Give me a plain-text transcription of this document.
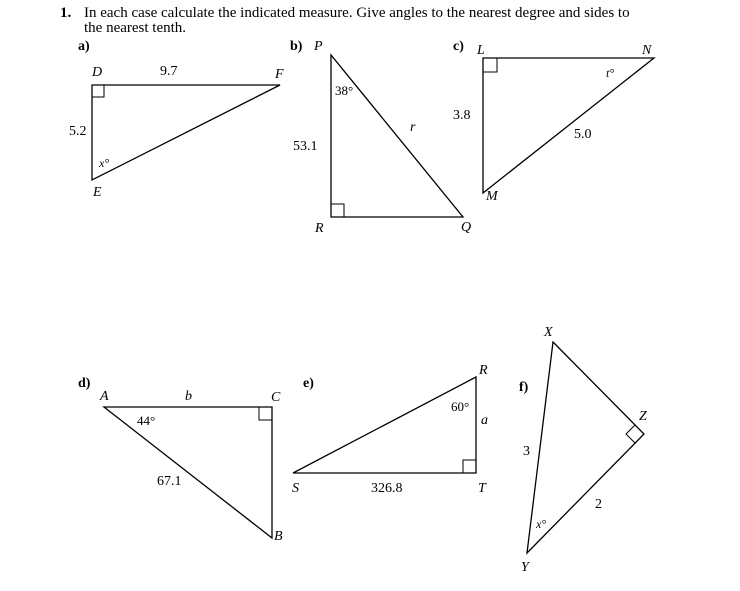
1. In each case calculate the indicated measure. Give angles to the nearest degree and sides to
the nearest tenth.
a)
D	F
E
9.7
5.2
x°
b) P
R	Q
38°
53.1
r
c) L	N
M
3.8
5.0
t°
d)
A	C
B
b
44°
67.1
e)
R
S	T
60°
a
326.8
f)
X
Z
Y
3
2
x°
